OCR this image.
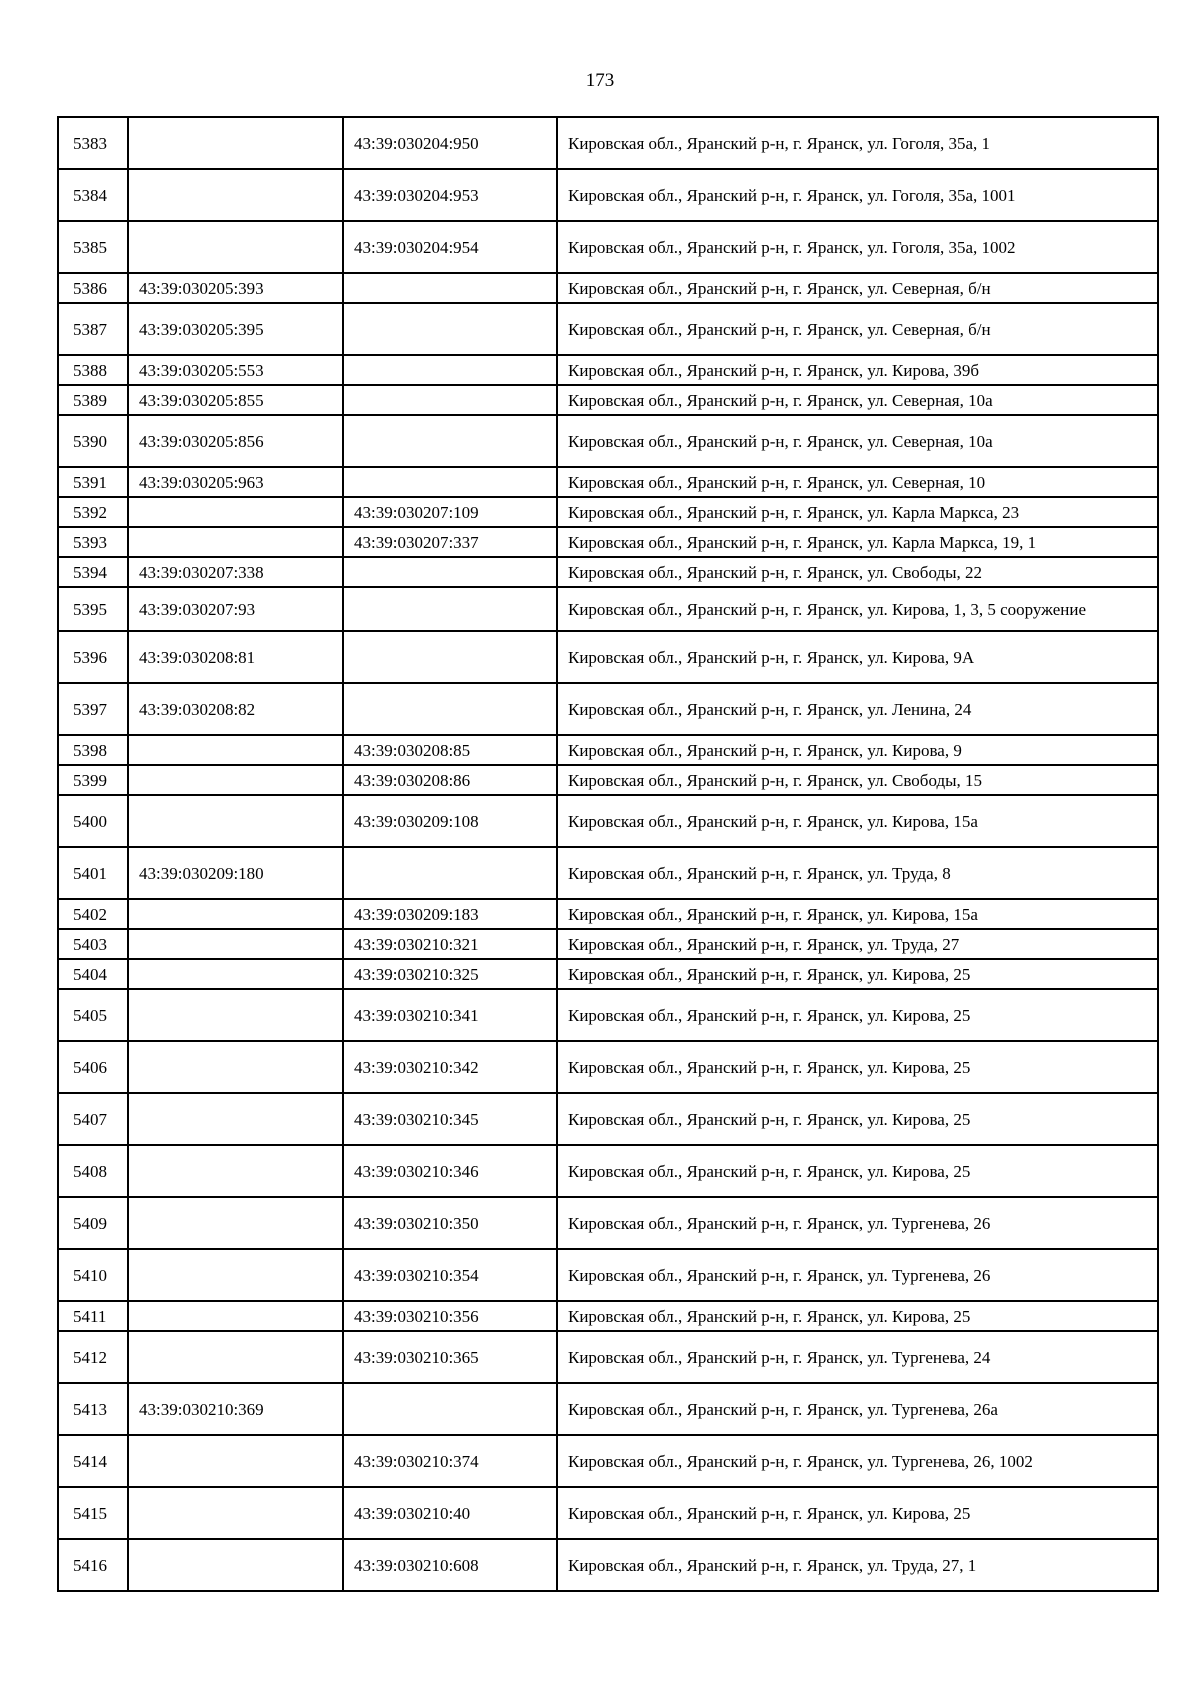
173
5383		43:39:030204:950	Кировская обл., Яранский р-н, г. Яранск, ул. Гоголя, 35а, 1
5384		43:39:030204:953	Кировская обл., Яранский р-н, г. Яранск, ул. Гоголя, 35а, 1001
5385		43:39:030204:954	Кировская обл., Яранский р-н, г. Яранск, ул. Гоголя, 35а, 1002
5386	43:39:030205:393		Кировская обл., Яранский р-н, г. Яранск, ул. Северная, б/н
5387	43:39:030205:395		Кировская обл., Яранский р-н, г. Яранск, ул. Северная, б/н
5388	43:39:030205:553		Кировская обл., Яранский р-н, г. Яранск, ул. Кирова, 39б
5389	43:39:030205:855		Кировская обл., Яранский р-н, г. Яранск, ул. Северная, 10а
5390	43:39:030205:856		Кировская обл., Яранский р-н, г. Яранск, ул. Северная, 10а
5391	43:39:030205:963		Кировская обл., Яранский р-н, г. Яранск, ул. Северная, 10
5392		43:39:030207:109	Кировская обл., Яранский р-н, г. Яранск, ул. Карла Маркса, 23
5393		43:39:030207:337	Кировская обл., Яранский р-н, г. Яранск, ул. Карла Маркса, 19, 1
5394	43:39:030207:338		Кировская обл., Яранский р-н, г. Яранск, ул. Свободы, 22
5395	43:39:030207:93		Кировская обл., Яранский р-н, г. Яранск, ул. Кирова, 1, 3, 5 сооружение
5396	43:39:030208:81		Кировская обл., Яранский р-н, г. Яранск, ул. Кирова, 9А
5397	43:39:030208:82		Кировская обл., Яранский р-н, г. Яранск, ул. Ленина, 24
5398		43:39:030208:85	Кировская обл., Яранский р-н, г. Яранск, ул. Кирова, 9
5399		43:39:030208:86	Кировская обл., Яранский р-н, г. Яранск, ул. Свободы, 15
5400		43:39:030209:108	Кировская обл., Яранский р-н, г. Яранск, ул. Кирова, 15а
5401	43:39:030209:180		Кировская обл., Яранский р-н, г. Яранск, ул. Труда, 8
5402		43:39:030209:183	Кировская обл., Яранский р-н, г. Яранск, ул. Кирова, 15а
5403		43:39:030210:321	Кировская обл., Яранский р-н, г. Яранск, ул. Труда, 27
5404		43:39:030210:325	Кировская обл., Яранский р-н, г. Яранск, ул. Кирова, 25
5405		43:39:030210:341	Кировская обл., Яранский р-н, г. Яранск, ул. Кирова, 25
5406		43:39:030210:342	Кировская обл., Яранский р-н, г. Яранск, ул. Кирова, 25
5407		43:39:030210:345	Кировская обл., Яранский р-н, г. Яранск, ул. Кирова, 25
5408		43:39:030210:346	Кировская обл., Яранский р-н, г. Яранск, ул. Кирова, 25
5409		43:39:030210:350	Кировская обл., Яранский р-н, г. Яранск, ул. Тургенева, 26
5410		43:39:030210:354	Кировская обл., Яранский р-н, г. Яранск, ул. Тургенева, 26
5411		43:39:030210:356	Кировская обл., Яранский р-н, г. Яранск, ул. Кирова, 25
5412		43:39:030210:365	Кировская обл., Яранский р-н, г. Яранск, ул. Тургенева, 24
5413	43:39:030210:369		Кировская обл., Яранский р-н, г. Яранск, ул. Тургенева, 26а
5414		43:39:030210:374	Кировская обл., Яранский р-н, г. Яранск, ул. Тургенева, 26, 1002
5415		43:39:030210:40	Кировская обл., Яранский р-н, г. Яранск, ул. Кирова, 25
5416		43:39:030210:608	Кировская обл., Яранский р-н, г. Яранск, ул. Труда, 27, 1
